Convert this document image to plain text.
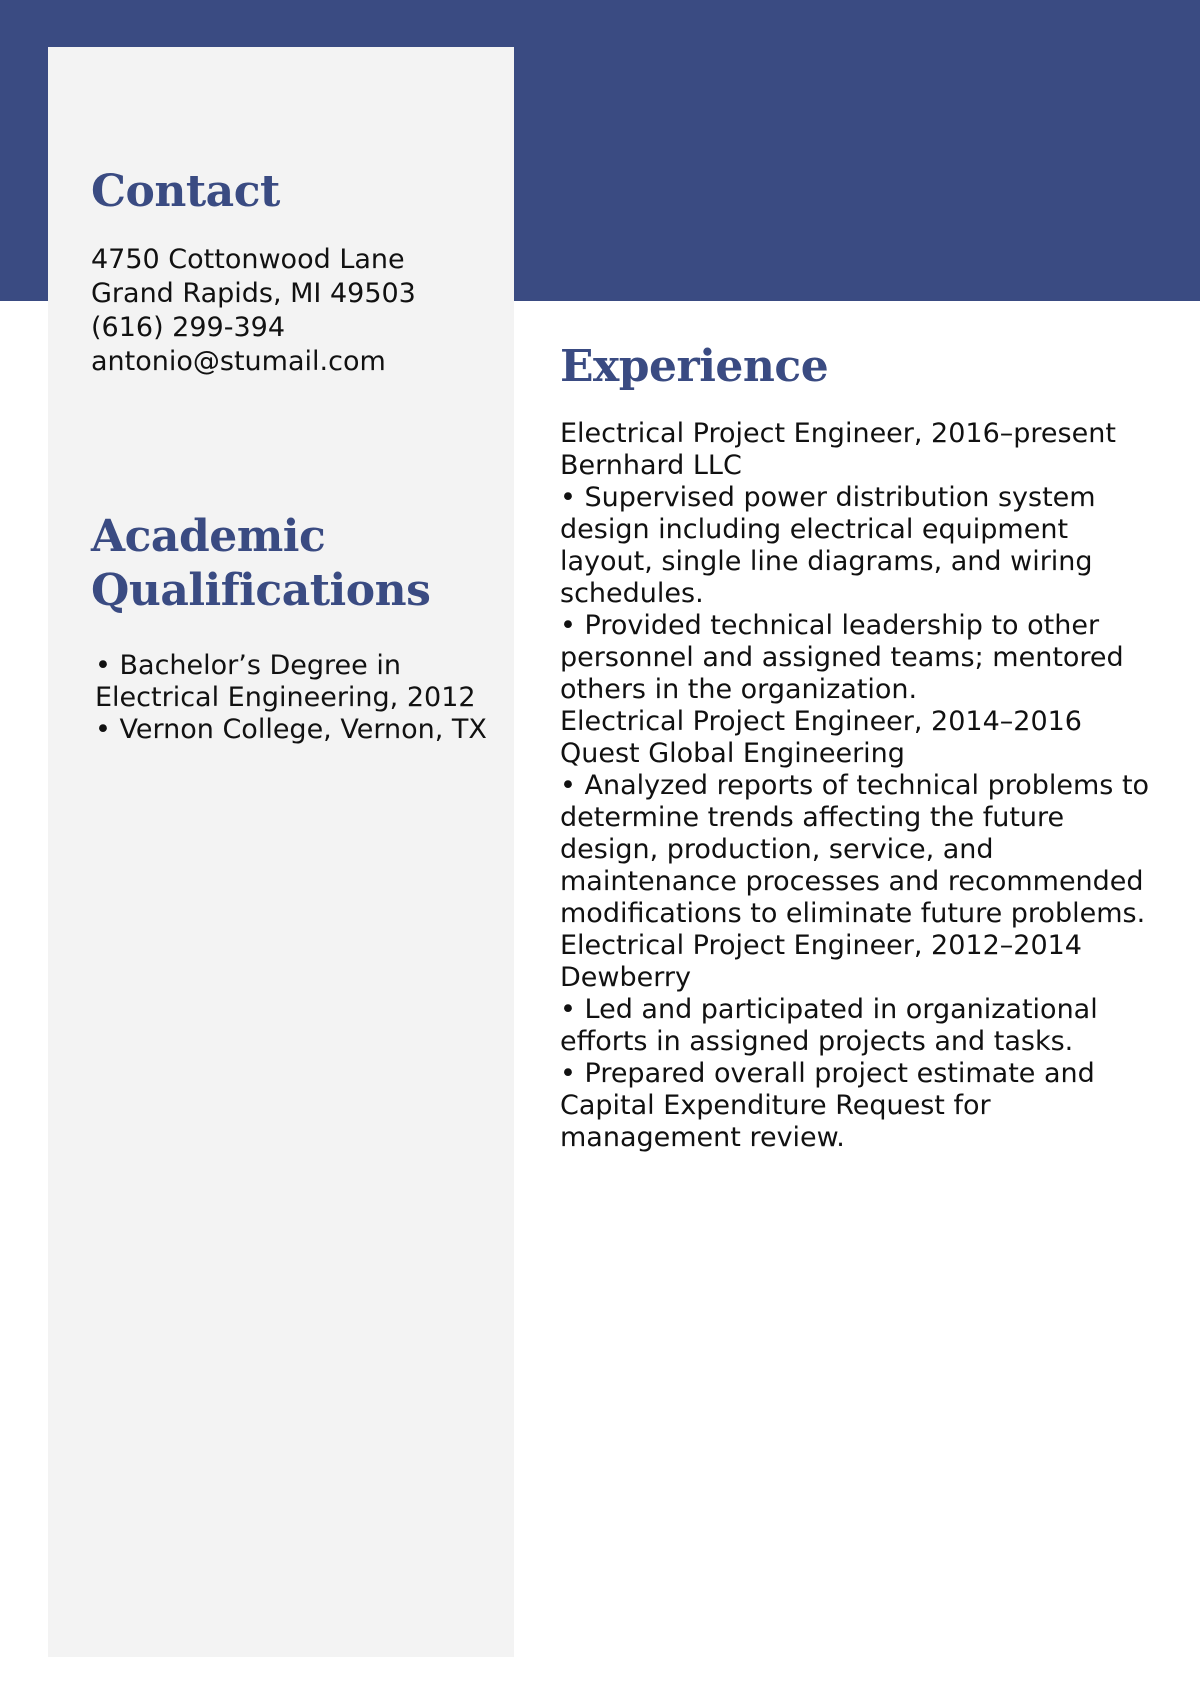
Contact
4750 Cottonwood Lane
Grand Rapids, MI 49503
(616) 299-394
antonio@stumail.com
Academic Qualifications

• Bachelor’s Degree in Electrical Engineering, 2012

• Vernon College, Vernon, TX

Experience

Electrical Project Engineer, 2016–present

Bernhard LLC

• Supervised power distribution system design including electrical equipment layout, single line diagrams, and wiring schedules.

• Provided technical leadership to other personnel and assigned teams; mentored others in the organization.

Electrical Project Engineer, 2014–2016

Quest Global Engineering

• Analyzed reports of technical problems to determine trends affecting the future design, production, service, and maintenance processes and recommended modifications to eliminate future problems.

Electrical Project Engineer, 2012–2014

Dewberry

• Led and participated in organizational efforts in assigned projects and tasks.

• Prepared overall project estimate and Capital Expenditure Request for management review.
